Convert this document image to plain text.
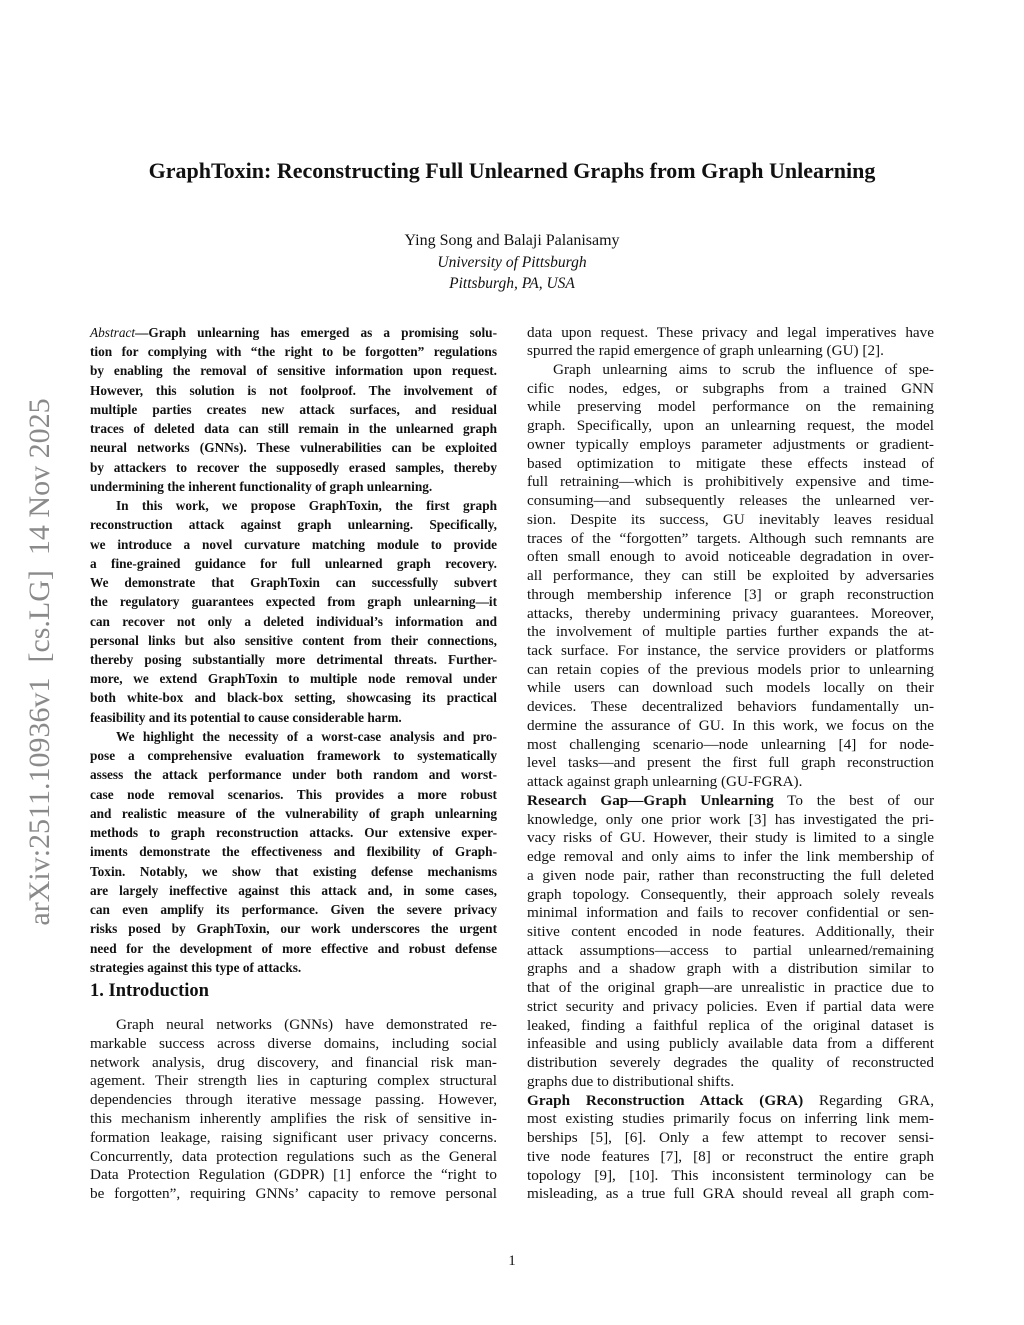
GraphToxin: Reconstructing Full Unlearned Graphs from Graph Unlearning
Ying Song and Balaji Palanisamy
University of Pittsburgh
Pittsburgh, PA, USA
arXiv:2511.10936v1  [cs.LG]  14 Nov 2025
Abstract—Graph unlearning has emerged as a promising solu-
tion for complying with “the right to be forgotten” regulations
by enabling the removal of sensitive information upon request.
However, this solution is not foolproof. The involvement of
multiple parties creates new attack surfaces, and residual
traces of deleted data can still remain in the unlearned graph
neural networks (GNNs). These vulnerabilities can be exploited
by attackers to recover the supposedly erased samples, thereby
undermining the inherent functionality of graph unlearning.
In this work, we propose GraphToxin, the first graph
reconstruction attack against graph unlearning. Specifically,
we introduce a novel curvature matching module to provide
a fine-grained guidance for full unlearned graph recovery.
We demonstrate that GraphToxin can successfully subvert
the regulatory guarantees expected from graph unlearning—it
can recover not only a deleted individual’s information and
personal links but also sensitive content from their connections,
thereby posing substantially more detrimental threats. Further-
more, we extend GraphToxin to multiple node removal under
both white-box and black-box setting, showcasing its practical
feasibility and its potential to cause considerable harm.
We highlight the necessity of a worst-case analysis and pro-
pose a comprehensive evaluation framework to systematically
assess the attack performance under both random and worst-
case node removal scenarios. This provides a more robust
and realistic measure of the vulnerability of graph unlearning
methods to graph reconstruction attacks. Our extensive exper-
iments demonstrate the effectiveness and flexibility of Graph-
Toxin. Notably, we show that existing defense mechanisms
are largely ineffective against this attack and, in some cases,
can even amplify its performance. Given the severe privacy
risks posed by GraphToxin, our work underscores the urgent
need for the development of more effective and robust defense
strategies against this type of attacks.
1. Introduction
Graph neural networks (GNNs) have demonstrated re-
markable success across diverse domains, including social
network analysis, drug discovery, and financial risk man-
agement. Their strength lies in capturing complex structural
dependencies through iterative message passing. However,
this mechanism inherently amplifies the risk of sensitive in-
formation leakage, raising significant user privacy concerns.
Concurrently, data protection regulations such as the General
Data Protection Regulation (GDPR) [1] enforce the “right to
be forgotten”, requiring GNNs’ capacity to remove personal
data upon request. These privacy and legal imperatives have
spurred the rapid emergence of graph unlearning (GU) [2].
Graph unlearning aims to scrub the influence of spe-
cific nodes, edges, or subgraphs from a trained GNN
while preserving model performance on the remaining
graph. Specifically, upon an unlearning request, the model
owner typically employs parameter adjustments or gradient-
based optimization to mitigate these effects instead of
full retraining—which is prohibitively expensive and time-
consuming—and subsequently releases the unlearned ver-
sion. Despite its success, GU inevitably leaves residual
traces of the “forgotten” targets. Although such remnants are
often small enough to avoid noticeable degradation in over-
all performance, they can still be exploited by adversaries
through membership inference [3] or graph reconstruction
attacks, thereby undermining privacy guarantees. Moreover,
the involvement of multiple parties further expands the at-
tack surface. For instance, the service providers or platforms
can retain copies of the previous models prior to unlearning
while users can download such models locally on their
devices. These decentralized behaviors fundamentally un-
dermine the assurance of GU. In this work, we focus on the
most challenging scenario—node unlearning [4] for node-
level tasks—and present the first full graph reconstruction
attack against graph unlearning (GU-FGRA).
Research Gap—Graph Unlearning To the best of our
knowledge, only one prior work [3] has investigated the pri-
vacy risks of GU. However, their study is limited to a single
edge removal and only aims to infer the link membership of
a given node pair, rather than reconstructing the full deleted
graph topology. Consequently, their approach solely reveals
minimal information and fails to recover confidential or sen-
sitive content encoded in node features. Additionally, their
attack assumptions—access to partial unlearned/remaining
graphs and a shadow graph with a distribution similar to
that of the original graph—are unrealistic in practice due to
strict security and privacy policies. Even if partial data were
leaked, finding a faithful replica of the original dataset is
infeasible and using publicly available data from a different
distribution severely degrades the quality of reconstructed
graphs due to distributional shifts.
Graph Reconstruction Attack (GRA) Regarding GRA,
most existing studies primarily focus on inferring link mem-
berships [5], [6]. Only a few attempt to recover sensi-
tive node features [7], [8] or reconstruct the entire graph
topology [9], [10]. This inconsistent terminology can be
misleading, as a true full GRA should reveal all graph com-
1
